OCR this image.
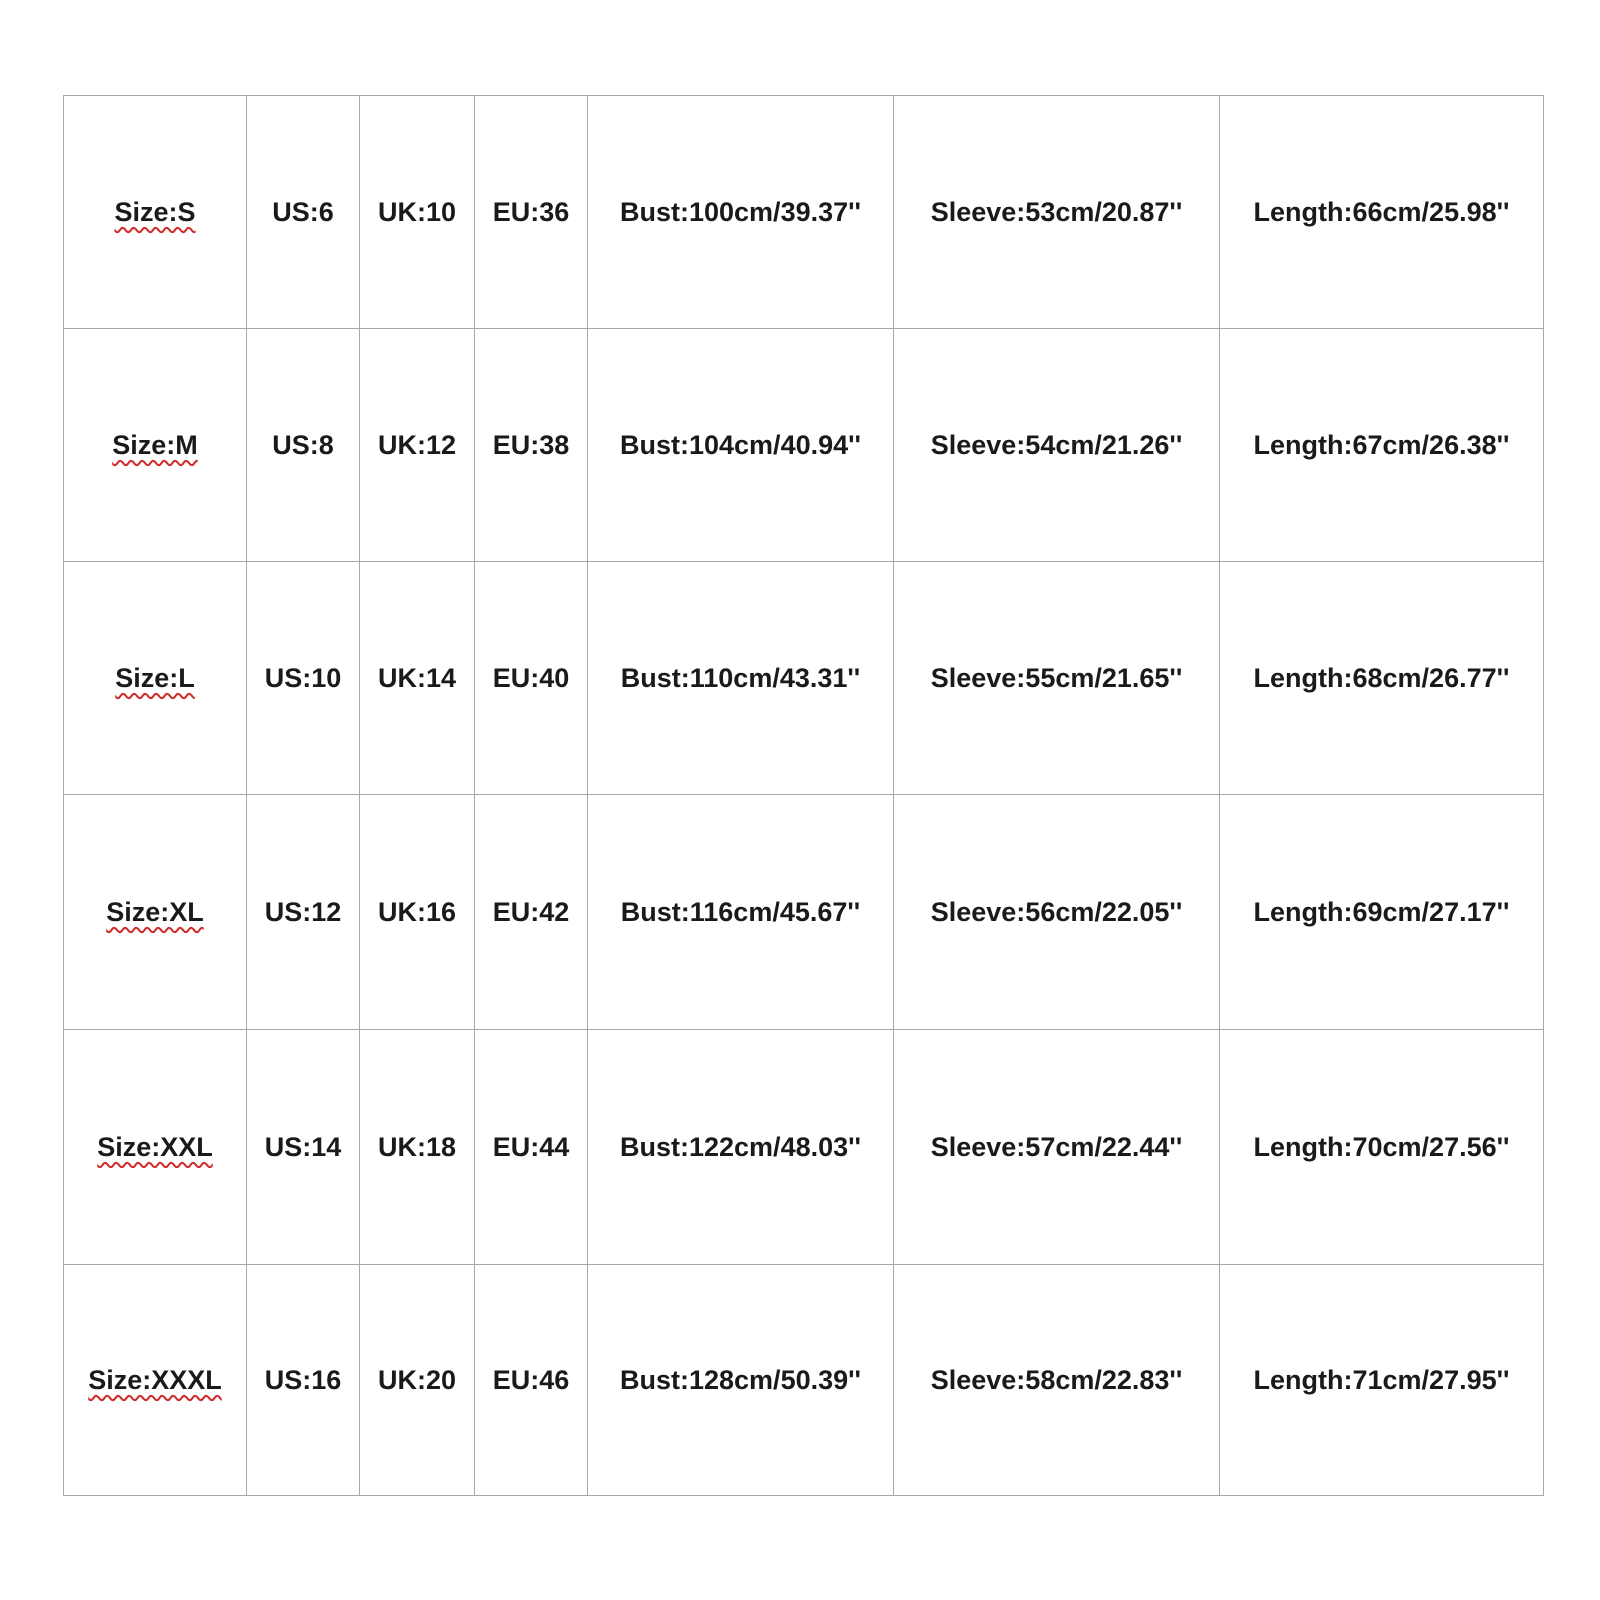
Size:S	US:6	UK:10	EU:36	Bust:100cm/39.37''	Sleeve:53cm/20.87''	Length:66cm/25.98''
Size:M	US:8	UK:12	EU:38	Bust:104cm/40.94''	Sleeve:54cm/21.26''	Length:67cm/26.38''
Size:L	US:10	UK:14	EU:40	Bust:110cm/43.31''	Sleeve:55cm/21.65''	Length:68cm/26.77''
Size:XL	US:12	UK:16	EU:42	Bust:116cm/45.67''	Sleeve:56cm/22.05''	Length:69cm/27.17''
Size:XXL	US:14	UK:18	EU:44	Bust:122cm/48.03''	Sleeve:57cm/22.44''	Length:70cm/27.56''
Size:XXXL	US:16	UK:20	EU:46	Bust:128cm/50.39''	Sleeve:58cm/22.83''	Length:71cm/27.95''
